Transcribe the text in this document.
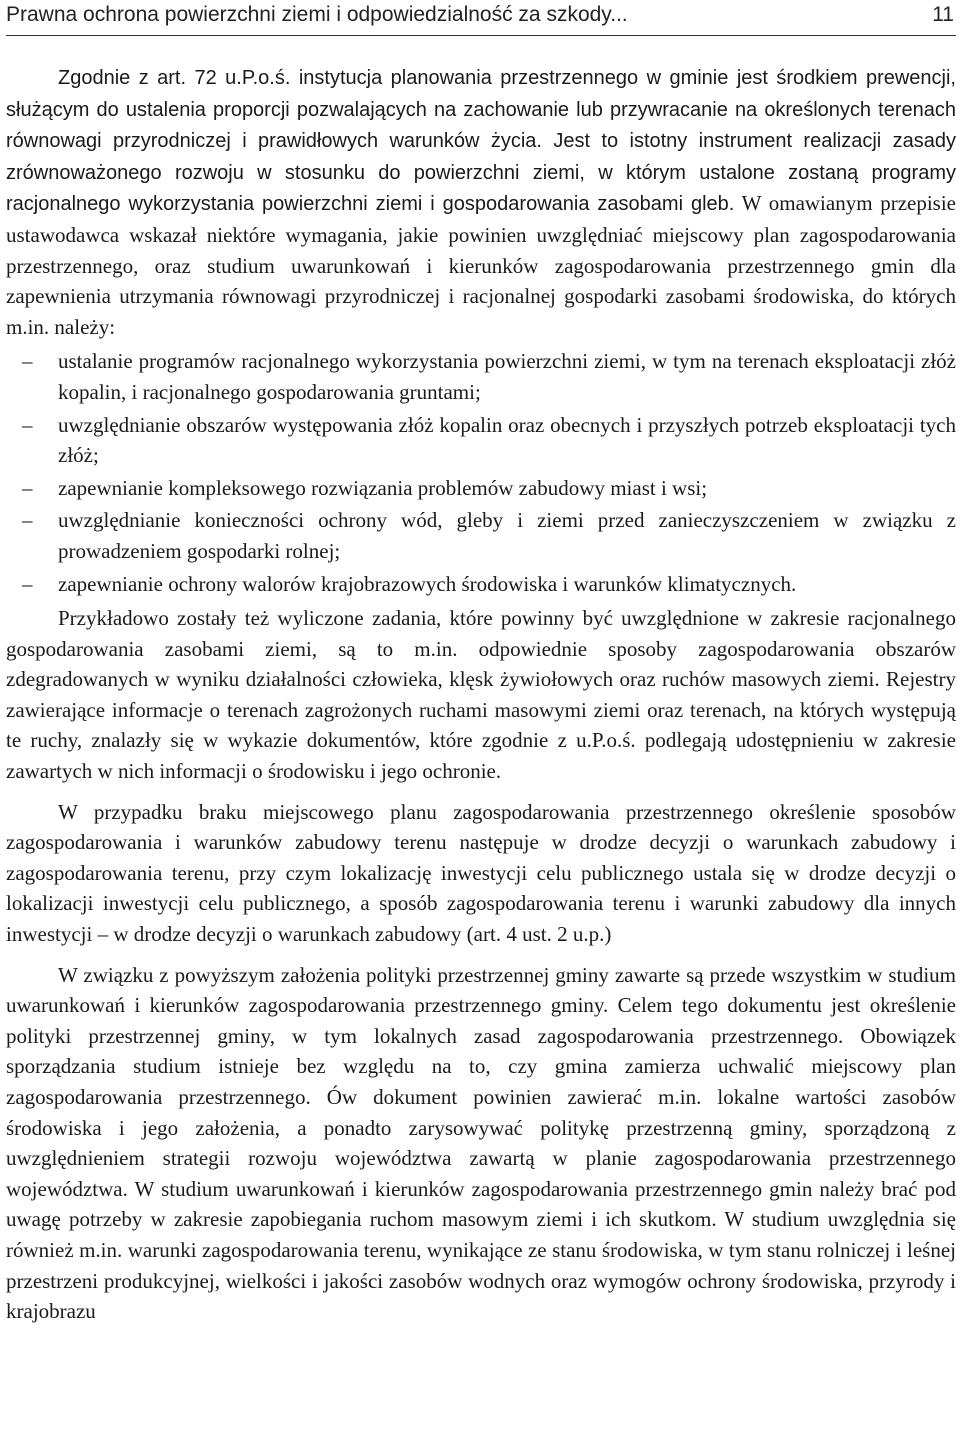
Prawna ochrona powierzchni ziemi i odpowiedzialność za szkody...	11

Zgodnie z art. 72 u.P.o.ś. instytucja planowania przestrzennego w gminie jest środkiem prewencji, służącym do ustalenia proporcji pozwalających na zachowanie lub przywracanie na określonych terenach równowagi przyrodniczej i prawidłowych warunków życia. Jest to istotny instrument realizacji zasady zrównoważonego rozwoju w stosunku do powierzchni ziemi, w którym ustalone zostaną programy racjonalnego wykorzystania powierzchni ziemi i gospodarowania zasobami gleb. W omawianym przepisie ustawodawca wskazał niektóre wymagania, jakie powinien uwzględniać miejscowy plan zagospodarowania przestrzennego, oraz studium uwarunkowań i kierunków zagospodarowania przestrzennego gmin dla zapewnienia utrzymania równowagi przyrodniczej i racjonalnej gospodarki zasobami środowiska, do których m.in. należy:

– ustalanie programów racjonalnego wykorzystania powierzchni ziemi, w tym na terenach eksploatacji złóż kopalin, i racjonalnego gospodarowania gruntami;
– uwzględnianie obszarów występowania złóż kopalin oraz obecnych i przyszłych potrzeb eksploatacji tych złóż;
– zapewnianie kompleksowego rozwiązania problemów zabudowy miast i wsi;
– uwzględnianie konieczności ochrony wód, gleby i ziemi przed zanieczyszczeniem w związku z prowadzeniem gospodarki rolnej;
– zapewnianie ochrony walorów krajobrazowych środowiska i warunków klimatycznych.

Przykładowo zostały też wyliczone zadania, które powinny być uwzględnione w zakresie racjonalnego gospodarowania zasobami ziemi, są to m.in. odpowiednie sposoby zagospodarowania obszarów zdegradowanych w wyniku działalności człowieka, klęsk żywiołowych oraz ruchów masowych ziemi. Rejestry zawierające informacje o terenach zagrożonych ruchami masowymi ziemi oraz terenach, na których występują te ruchy, znalazły się w wykazie dokumentów, które zgodnie z u.P.o.ś. podlegają udostępnieniu w zakresie zawartych w nich informacji o środowisku i jego ochronie.

W przypadku braku miejscowego planu zagospodarowania przestrzennego określenie sposobów zagospodarowania i warunków zabudowy terenu następuje w drodze decyzji o warunkach zabudowy i zagospodarowania terenu, przy czym lokalizację inwestycji celu publicznego ustala się w drodze decyzji o lokalizacji inwestycji celu publicznego, a sposób zagospodarowania terenu i warunki zabudowy dla innych inwestycji – w drodze decyzji o warunkach zabudowy (art. 4 ust. 2 u.p.)

W związku z powyższym założenia polityki przestrzennej gminy zawarte są przede wszystkim w studium uwarunkowań i kierunków zagospodarowania przestrzennego gminy. Celem tego dokumentu jest określenie polityki przestrzennej gminy, w tym lokalnych zasad zagospodarowania przestrzennego. Obowiązek sporządzania studium istnieje bez względu na to, czy gmina zamierza uchwalić miejscowy plan zagospodarowania przestrzennego. Ów dokument powinien zawierać m.in. lokalne wartości zasobów środowiska i jego założenia, a ponadto zarysowywać politykę przestrzenną gminy, sporządzoną z uwzględnieniem strategii rozwoju województwa zawartą w planie zagospodarowania przestrzennego województwa. W studium uwarunkowań i kierunków zagospodarowania przestrzennego gmin należy brać pod uwagę potrzeby w zakresie zapobiegania ruchom masowym ziemi i ich skutkom. W studium uwzględnia się również m.in. warunki zagospodarowania terenu, wynikające ze stanu środowiska, w tym stanu rolniczej i leśnej przestrzeni produkcyjnej, wielkości i jakości zasobów wodnych oraz wymogów ochrony środowiska, przyrody i krajobrazu
